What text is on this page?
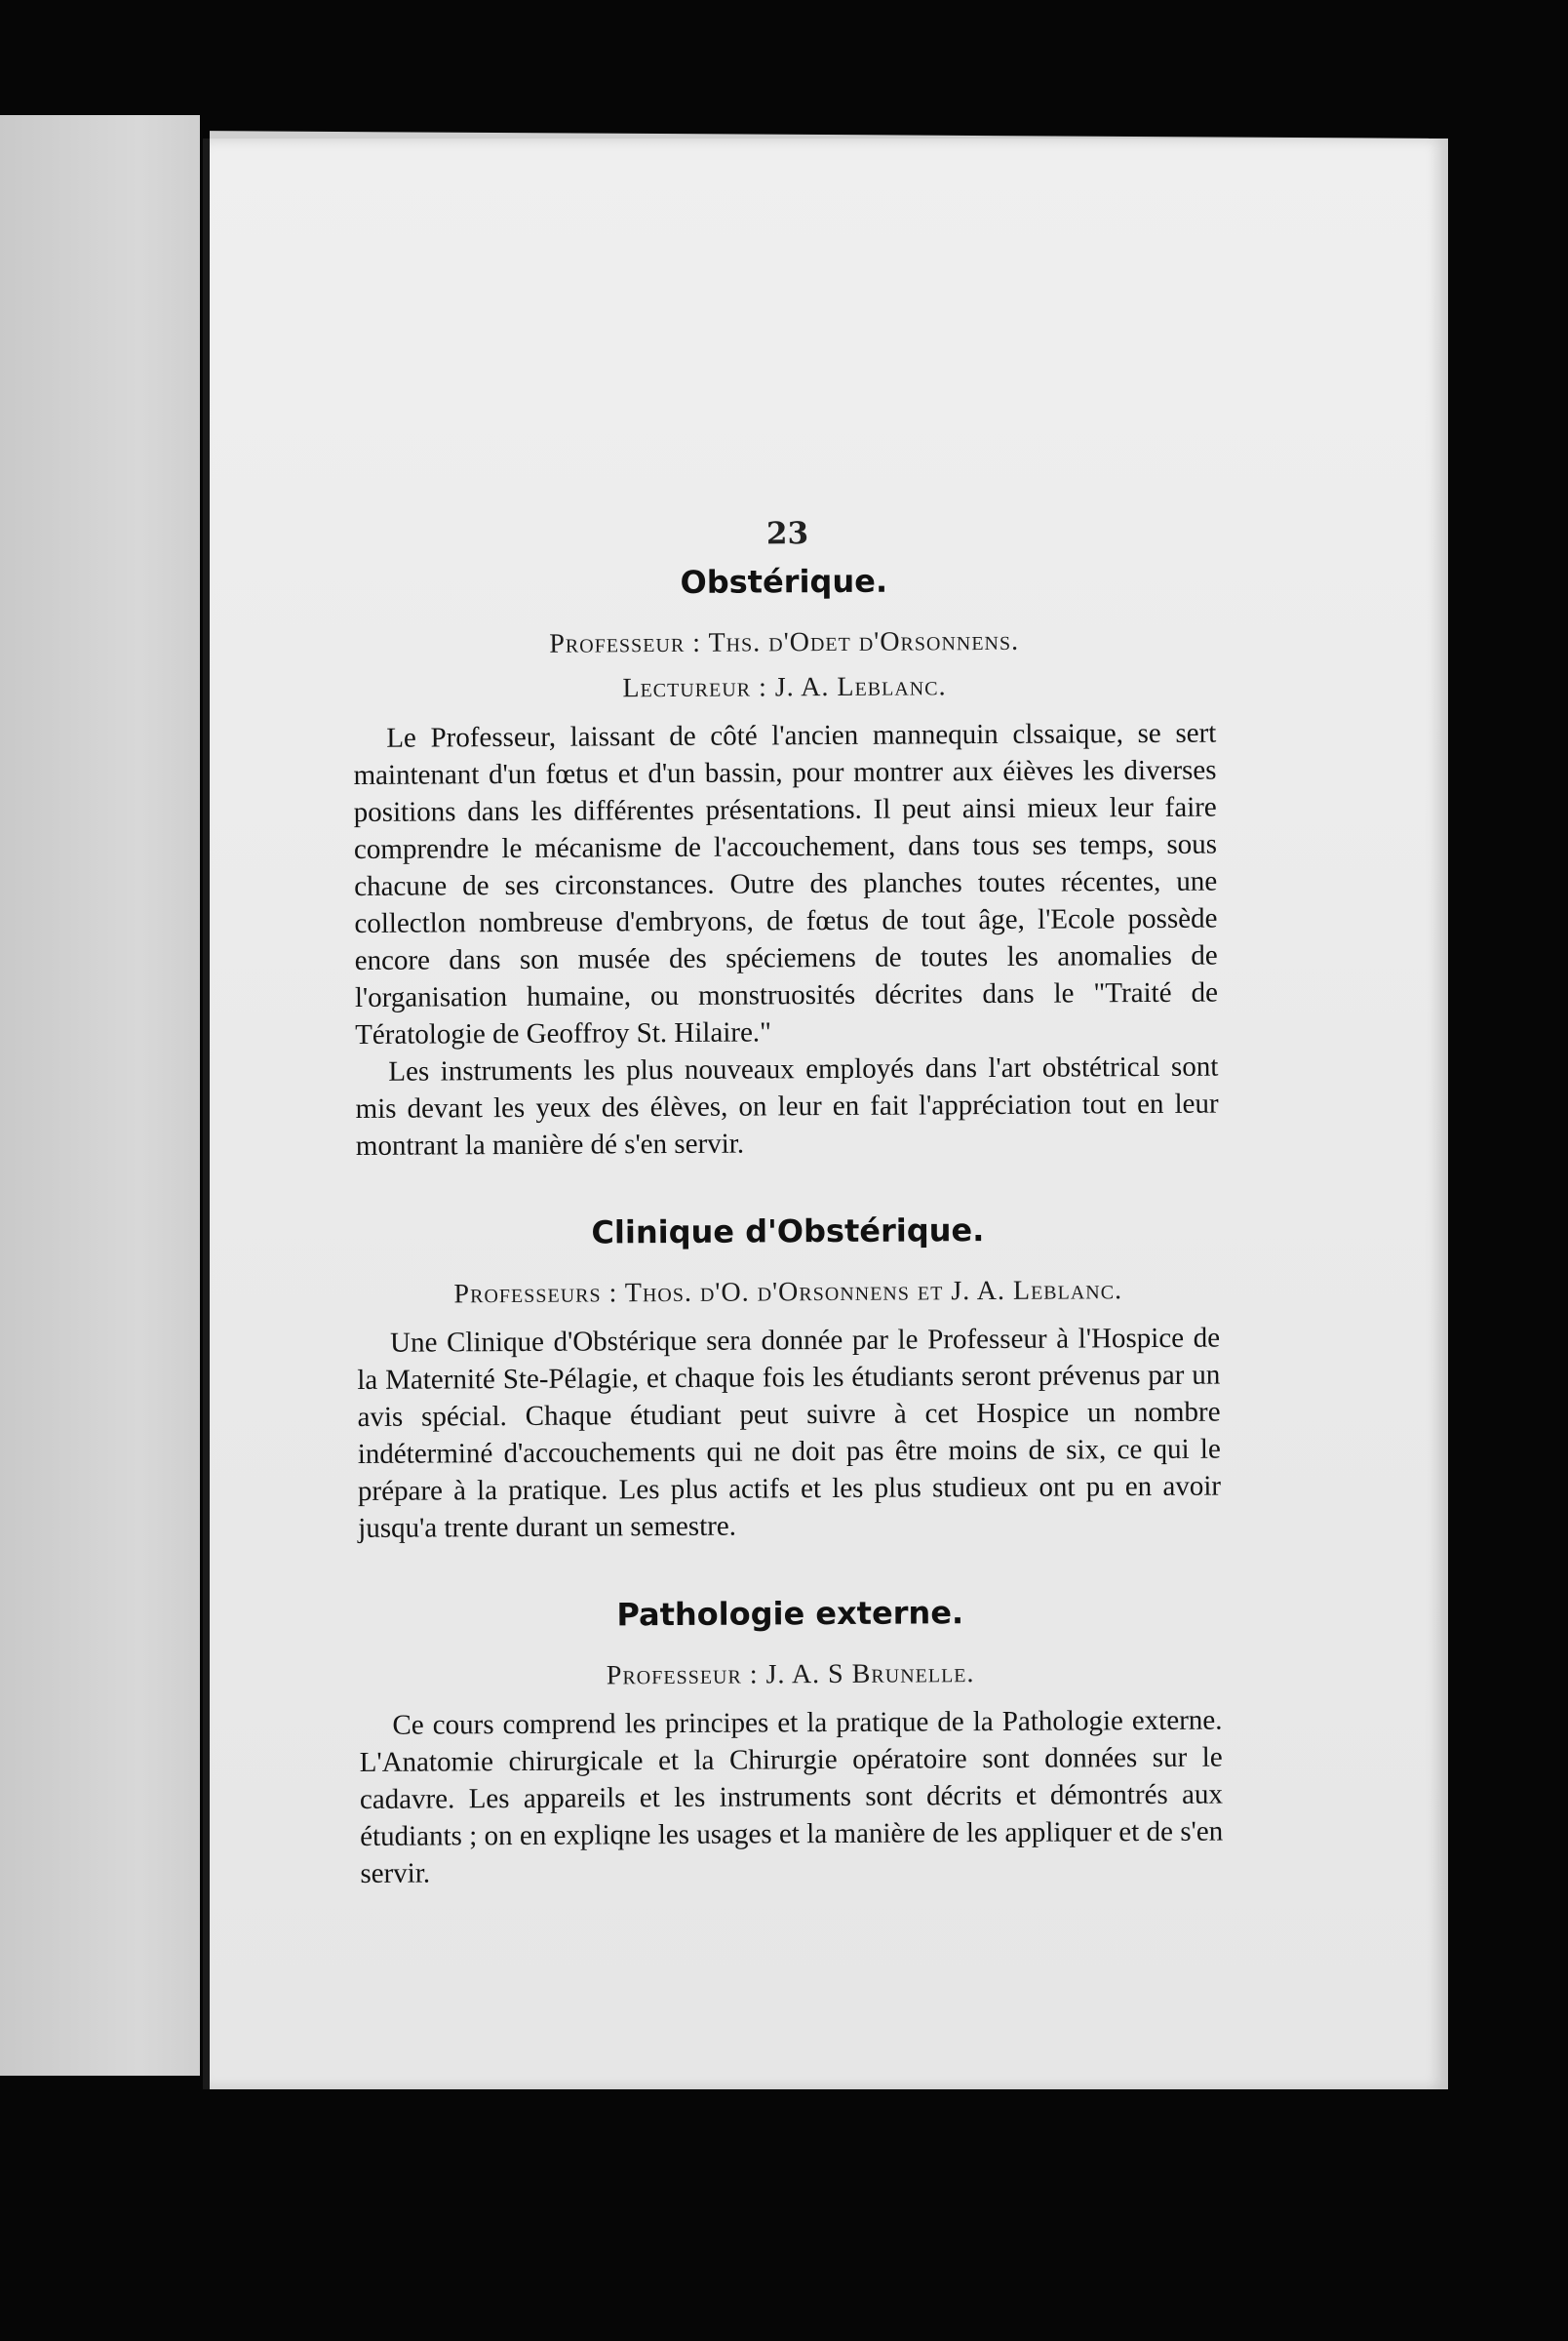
23
Obstérique.

Professeur : Ths. d'Odet d'Orsonnens.

Lectureur : J. A. Leblanc.

Le Professeur, laissant de côté l'ancien mannequin clssaique, se sert maintenant d'un fœtus et d'un bassin, pour montrer aux éièves les diverses positions dans les différentes présentations. Il peut ainsi mieux leur faire comprendre le mécanisme de l'accouchement, dans tous ses temps, sous chacune de ses circonstances. Outre des planches toutes récentes, une collectlon nombreuse d'embryons, de fœtus de tout âge, l'Ecole possède encore dans son musée des spéciemens de toutes les anomalies de l'organisation humaine, ou monstruosités décrites dans le "Traité de Tératologie de Geoffroy St. Hilaire."

Les instruments les plus nouveaux employés dans l'art obstétrical sont mis devant les yeux des élèves, on leur en fait l'appréciation tout en leur montrant la manière dé s'en servir.

Clinique d'Obstérique.

Professeurs : Thos. d'O. d'Orsonnens et J. A. Leblanc.

Une Clinique d'Obstérique sera donnée par le Professeur à l'Hospice de la Maternité Ste-Pélagie, et chaque fois les étudiants seront prévenus par un avis spécial. Chaque étudiant peut suivre à cet Hospice un nombre indéterminé d'accouchements qui ne doit pas être moins de six, ce qui le prépare à la pratique. Les plus actifs et les plus studieux ont pu en avoir jusqu'a trente durant un semestre.

Pathologie externe.

Professeur : J. A. S Brunelle.

Ce cours comprend les principes et la pratique de la Pathologie externe. L'Anatomie chirurgicale et la Chirurgie opératoire sont données sur le cadavre. Les appareils et les instruments sont décrits et démontrés aux étudiants ; on en expliqne les usages et la manière de les appliquer et de s'en servir.
